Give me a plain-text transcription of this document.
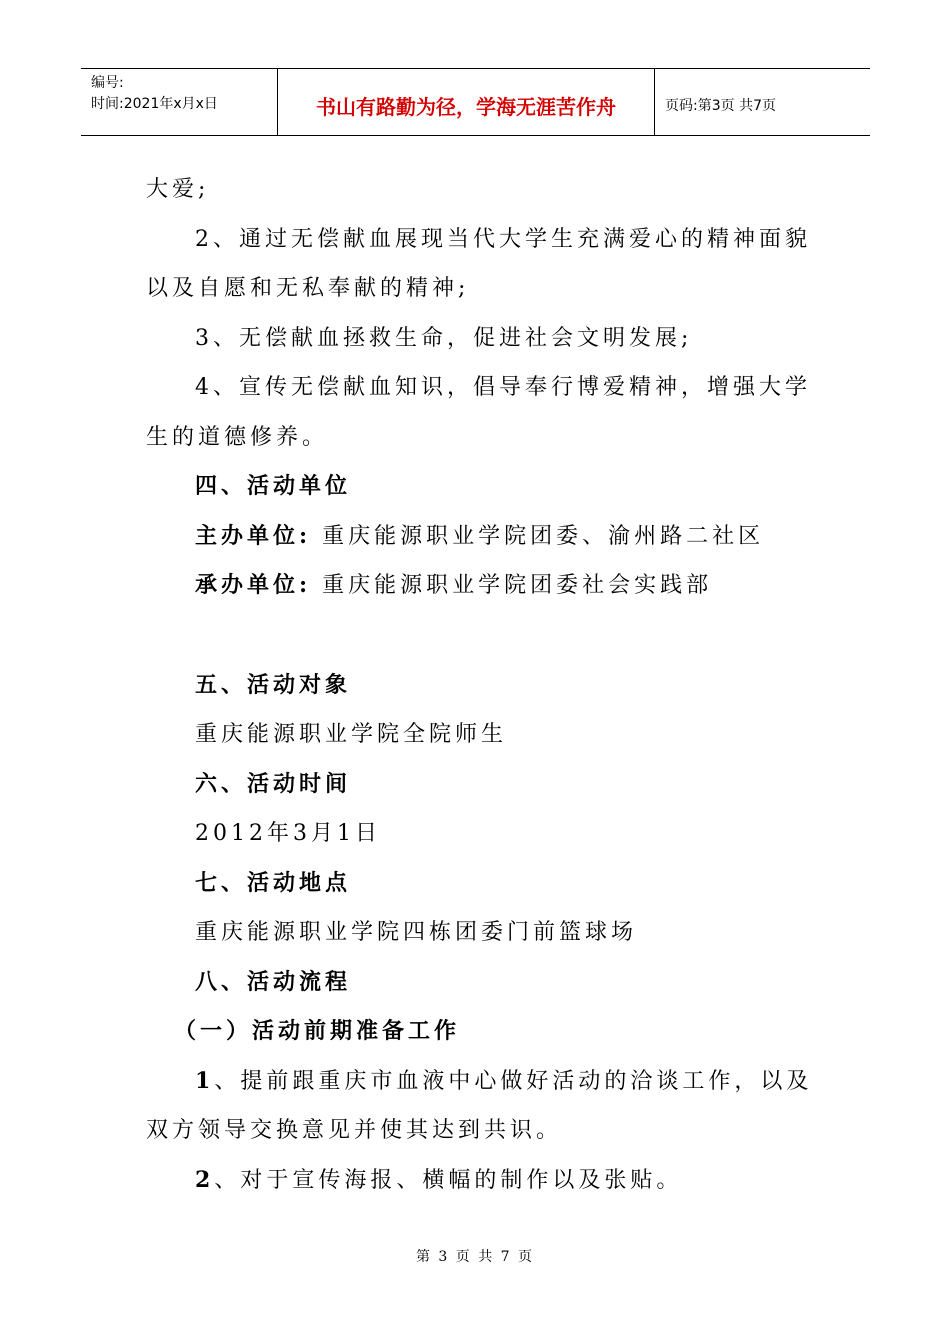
编号:
时间:2021年x月x日	书山有路勤为径，学海无涯苦作舟	页码:第3页 共7页
大爱;
2、通过无偿献血展现当代大学生充满爱心的精神面貌
以及自愿和无私奉献的精神;
3、无偿献血拯救生命，促进社会文明发展;
4、宣传无偿献血知识，倡导奉行博爱精神，增强大学
生的道德修养。
四、活动单位
主办单位: 重庆能源职业学院团委、渝州路二社区
承办单位: 重庆能源职业学院团委社会实践部
五、活动对象
重庆能源职业学院全院师生
六、活动时间
2012年3月1日
七、活动地点
重庆能源职业学院四栋团委门前篮球场
八、活动流程
（一）活动前期准备工作
1、提前跟重庆市血液中心做好活动的洽谈工作，以及
双方领导交换意见并使其达到共识。
2、对于宣传海报、横幅的制作以及张贴。
第 3 页 共 7 页
